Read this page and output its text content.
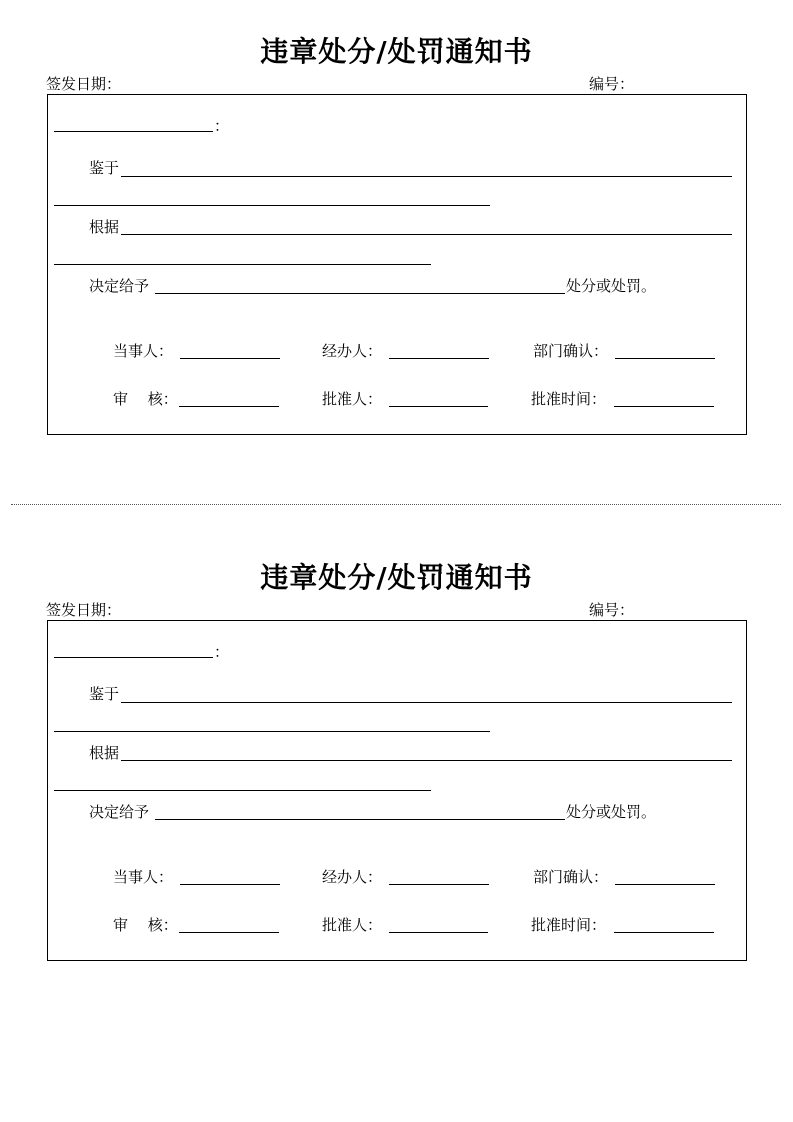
违章处分/处罚通知书
签发日期：	编号：
：
鉴于
根据
决定给予	处分或处罚。
当事人：	经办人：	部门确认：
审　 核：	批准人：	批准时间：
违章处分/处罚通知书
签发日期：	编号：
：
鉴于
根据
决定给予	处分或处罚。
当事人：	经办人：	部门确认：
审　 核：	批准人：	批准时间：
